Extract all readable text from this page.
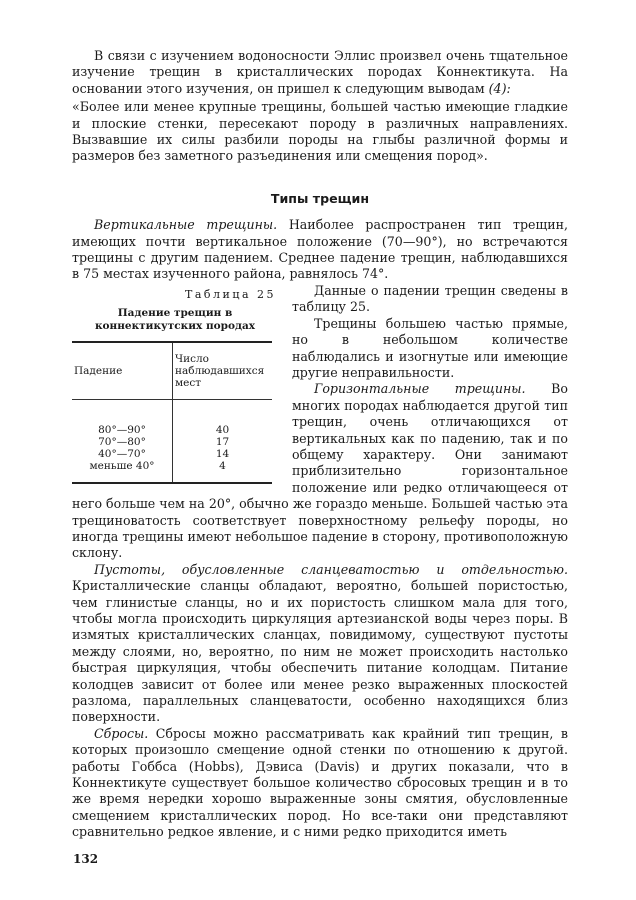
В связи с изучением водоносности Эллис произвел очень тщательное изучение трещин в кристаллических породах Коннектикута. На основании этого изучения, он пришел к следующим выводам (4):

«Более или менее крупные трещины, большей частью имеющие гладкие и плоские стенки, пересекают породу в различных направлениях. Вызвавшие их силы разбили породы на глыбы различной формы и размеров без заметного разъединения или смещения пород».

Типы трещин

Вертикальные трещины. Наиболее распространен тип трещин, имеющих почти вертикальное положение (70—90°), но встречаются трещины с другим падением. Среднее падение трещин, наблюдавшихся в 75 местах изученного района, равнялось 74°.

Таблица 25
Падение трещин в коннектикутских породах
Падение	Число наблюдавшихся мест
80°—90°	40
70°—80°	17
40°—70°	14
меньше 40°	4

Данные о падении трещин сведены в таблицу 25.

Трещины большею частью прямые, но в небольшом количестве наблюдались и изогнутые или имеющие другие неправильности.

Горизонтальные трещины. Во многих породах наблюдается другой тип трещин, очень отличающихся от вертикальных как по падению, так и по общему характеру. Они занимают приблизительно горизонтальное положение или редко отличающееся от него больше чем на 20°, обычно же гораздо меньше. Большей частью эта трещиноватость соответствует поверхностному рельефу породы, но иногда трещины имеют небольшое падение в сторону, противоположную склону.

Пустоты, обусловленные сланцеватостью и отдельностью. Кристаллические сланцы обладают, вероятно, большей пористостью, чем глинистые сланцы, но и их пористость слишком мала для того, чтобы могла происходить циркуляция артезианской воды через поры. В измятых кристаллических сланцах, повидимому, существуют пустоты между слоями, но, вероятно, по ним не может происходить настолько быстрая циркуляция, чтобы обеспечить питание колодцам. Питание колодцев зависит от более или менее резко выраженных плоскостей разлома, параллельных сланцеватости, особенно находящихся близ поверхности.

Сбросы. Сбросы можно рассматривать как крайний тип трещин, в которых произошло смещение одной стенки по отношению к другой. работы Гоббса (Hobbs), Дэвиса (Davis) и других показали, что в Коннектикуте существует большое количество сбросовых трещин и в то же время нередки хорошо выраженные зоны смятия, обусловленные смещением кристаллических пород. Но все-таки они представляют сравнительно редкое явление, и с ними редко приходится иметь

132
